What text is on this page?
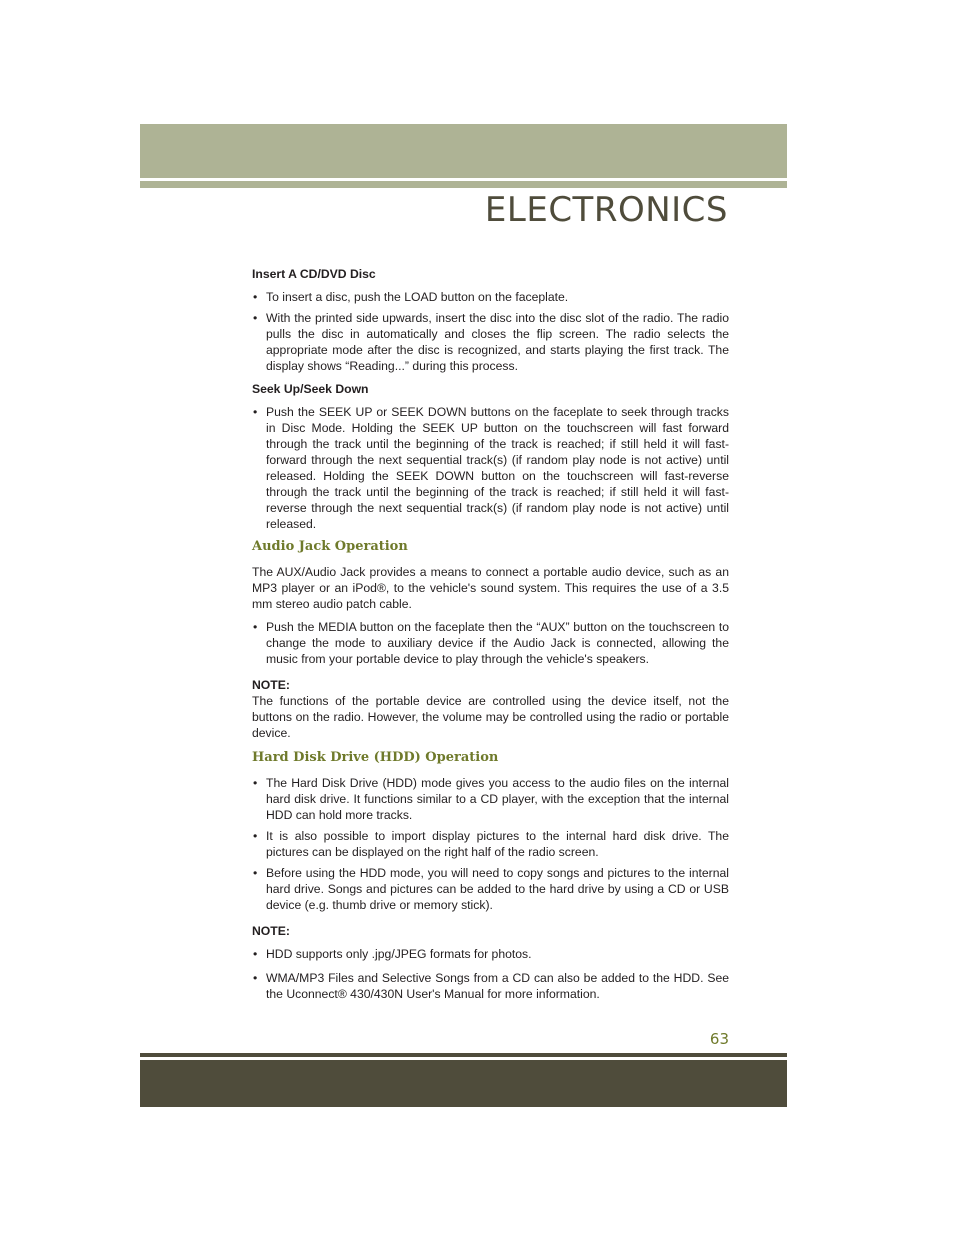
ELECTRONICS
Insert A CD/DVD Disc
• To insert a disc, push the LOAD button on the faceplate.
• With the printed side upwards, insert the disc into the disc slot of the radio. The radio pulls the disc in automatically and closes the flip screen. The radio selects the appropriate mode after the disc is recognized, and starts playing the first track. The display shows “Reading...” during this process.
Seek Up/Seek Down
• Push the SEEK UP or SEEK DOWN buttons on the faceplate to seek through tracks in Disc Mode. Holding the SEEK UP button on the touchscreen will fast forward through the track until the beginning of the track is reached; if still held it will fast-forward through the next sequential track(s) (if random play node is not active) until released. Holding the SEEK DOWN button on the touchscreen will fast-reverse through the track until the beginning of the track is reached; if still held it will fast-reverse through the next sequential track(s) (if random play node is not active) until released.
Audio Jack Operation

The AUX/Audio Jack provides a means to connect a portable audio device, such as an MP3 player or an iPod®, to the vehicle's sound system. This requires the use of a 3.5 mm stereo audio patch cable.

• Push the MEDIA button on the faceplate then the “AUX” button on the touchscreen to change the mode to auxiliary device if the Audio Jack is connected, allowing the music from your portable device to play through the vehicle's speakers.
NOTE:

The functions of the portable device are controlled using the device itself, not the buttons on the radio. However, the volume may be controlled using the radio or portable device.

Hard Disk Drive (HDD) Operation
• The Hard Disk Drive (HDD) mode gives you access to the audio files on the internal hard disk drive. It functions similar to a CD player, with the exception that the internal HDD can hold more tracks.
• It is also possible to import display pictures to the internal hard disk drive. The pictures can be displayed on the right half of the radio screen.
• Before using the HDD mode, you will need to copy songs and pictures to the internal hard drive. Songs and pictures can be added to the hard drive by using a CD or USB device (e.g. thumb drive or memory stick).
NOTE:
• HDD supports only .jpg/JPEG formats for photos.
• WMA/MP3 Files and Selective Songs from a CD can also be added to the HDD. See the Uconnect® 430/430N User's Manual for more information.
63
